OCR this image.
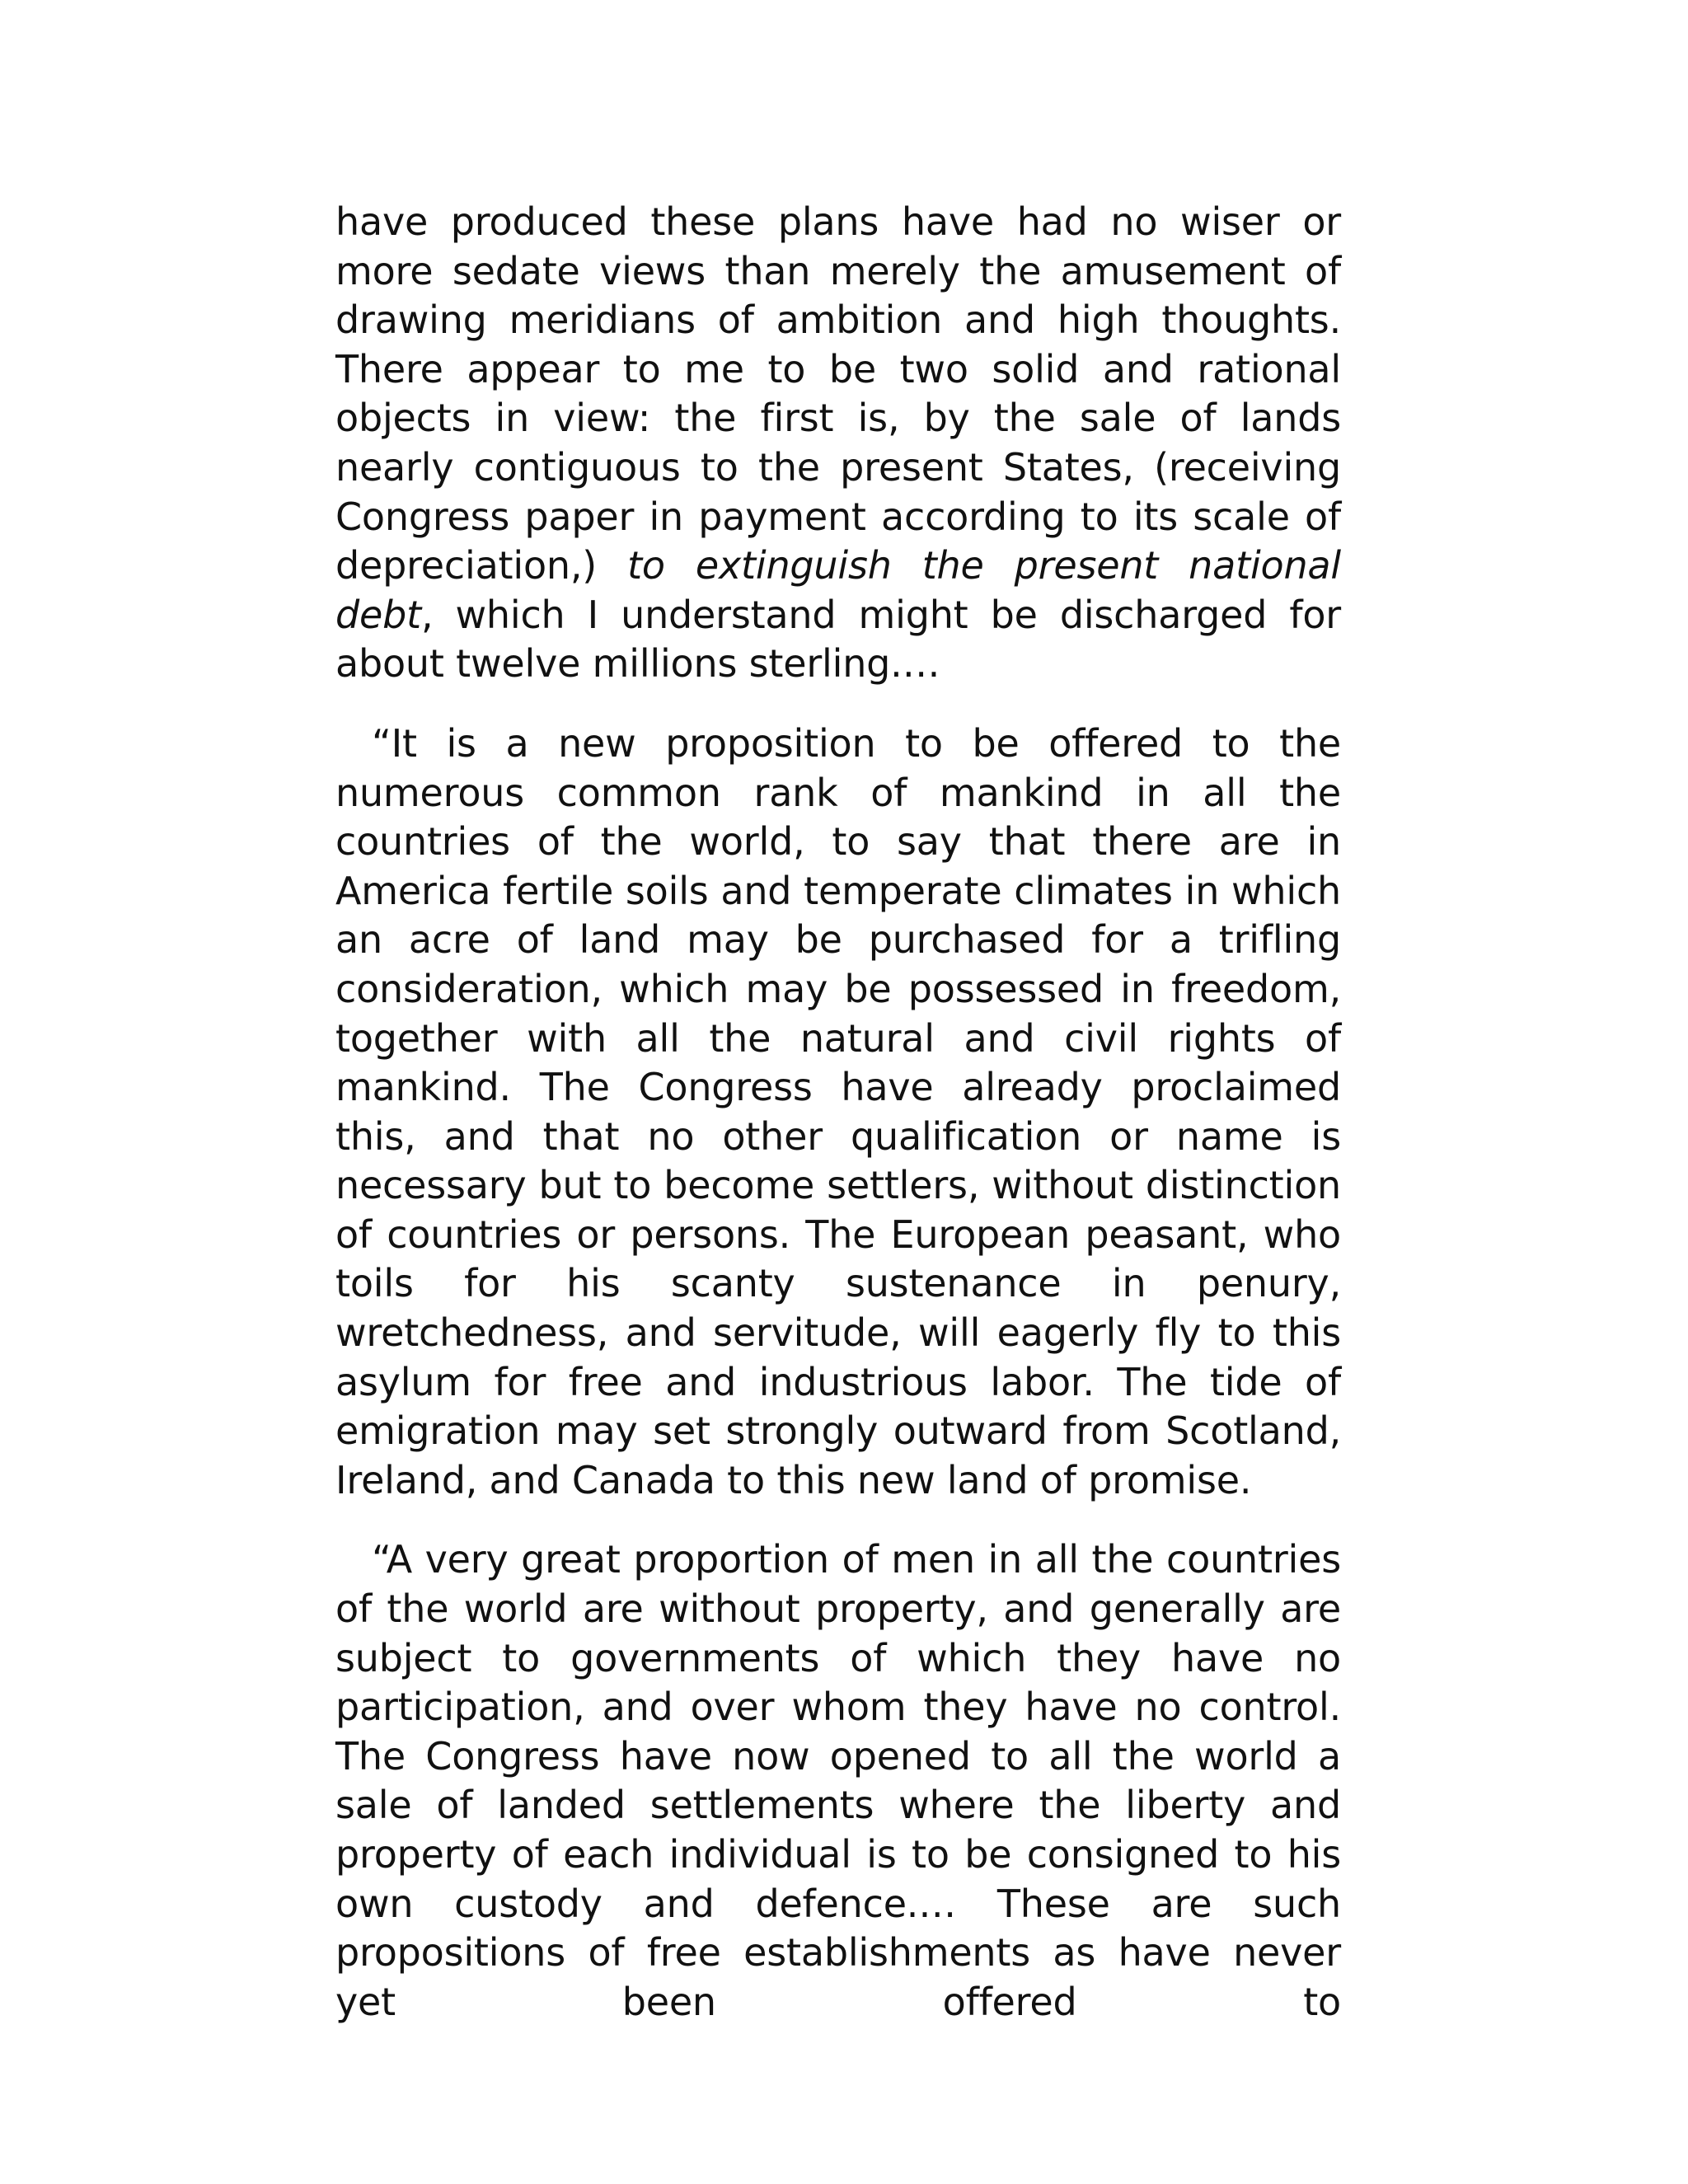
have produced these plans have had no wiser or more sedate views than merely the amusement of drawing meridians of ambition and high thoughts. There appear to me to be two solid and rational objects in view: the first is, by the sale of lands nearly contiguous to the present States, (receiving Congress paper in payment according to its scale of depreciation,) to extinguish the present national debt, which I understand might be discharged for about twelve millions sterling.…

“It is a new proposition to be offered to the numerous common rank of mankind in all the countries of the world, to say that there are in America fertile soils and temperate climates in which an acre of land may be purchased for a trifling consideration, which may be possessed in freedom, together with all the natural and civil rights of mankind. The Congress have already proclaimed this, and that no other qualification or name is necessary but to become settlers, without distinction of countries or persons. The European peasant, who toils for his scanty sustenance in penury, wretchedness, and servitude, will eagerly fly to this asylum for free and industrious labor. The tide of emigration may set strongly outward from Scotland, Ireland, and Canada to this new land of promise.

“A very great proportion of men in all the countries of the world are without property, and generally are subject to governments of which they have no participation, and over whom they have no control. The Congress have now opened to all the world a sale of landed settlements where the liberty and property of each individual is to be consigned to his own custody and defence.… These are such propositions of free establishments as have never yet been offered to
